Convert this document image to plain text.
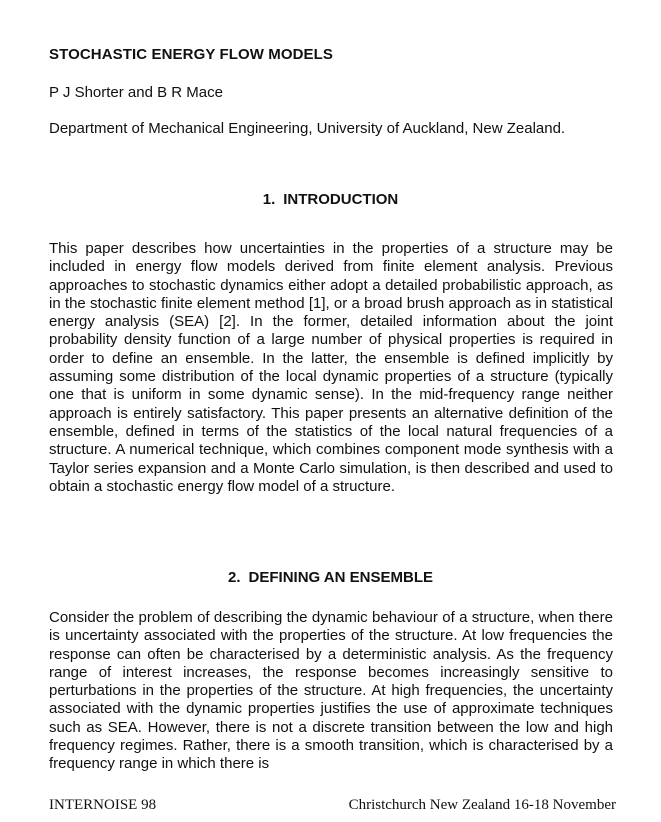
STOCHASTIC ENERGY FLOW MODELS
P J Shorter and B R Mace
Department of Mechanical Engineering, University of Auckland, New Zealand.
1. INTRODUCTION

This paper describes how uncertainties in the properties of a structure may be included in energy flow models derived from finite element analysis. Previous approaches to stochastic dynamics either adopt a detailed probabilistic approach, as in the stochastic finite element method [1], or a broad brush approach as in statistical energy analysis (SEA) [2]. In the former, detailed information about the joint probability density function of a large number of physical properties is required in order to define an ensemble. In the latter, the ensemble is defined implicitly by assuming some distribution of the local dynamic properties of a structure (typically one that is uniform in some dynamic sense). In the mid-frequency range neither approach is entirely satisfactory. This paper presents an alternative definition of the ensemble, defined in terms of the statistics of the local natural frequencies of a structure. A numerical technique, which combines component mode synthesis with a Taylor series expansion and a Monte Carlo simulation, is then described and used to obtain a stochastic energy flow model of a structure.

2. DEFINING AN ENSEMBLE

Consider the problem of describing the dynamic behaviour of a structure, when there is uncertainty associated with the properties of the structure. At low frequencies the response can often be characterised by a deterministic analysis. As the frequency range of interest increases, the response becomes increasingly sensitive to perturbations in the properties of the structure. At high frequencies, the uncertainty associated with the dynamic properties justifies the use of approximate techniques such as SEA. However, there is not a discrete transition between the low and high frequency regimes. Rather, there is a smooth transition, which is characterised by a frequency range in which there is

INTERNOISE 98	Christchurch New Zealand 16-18 November
